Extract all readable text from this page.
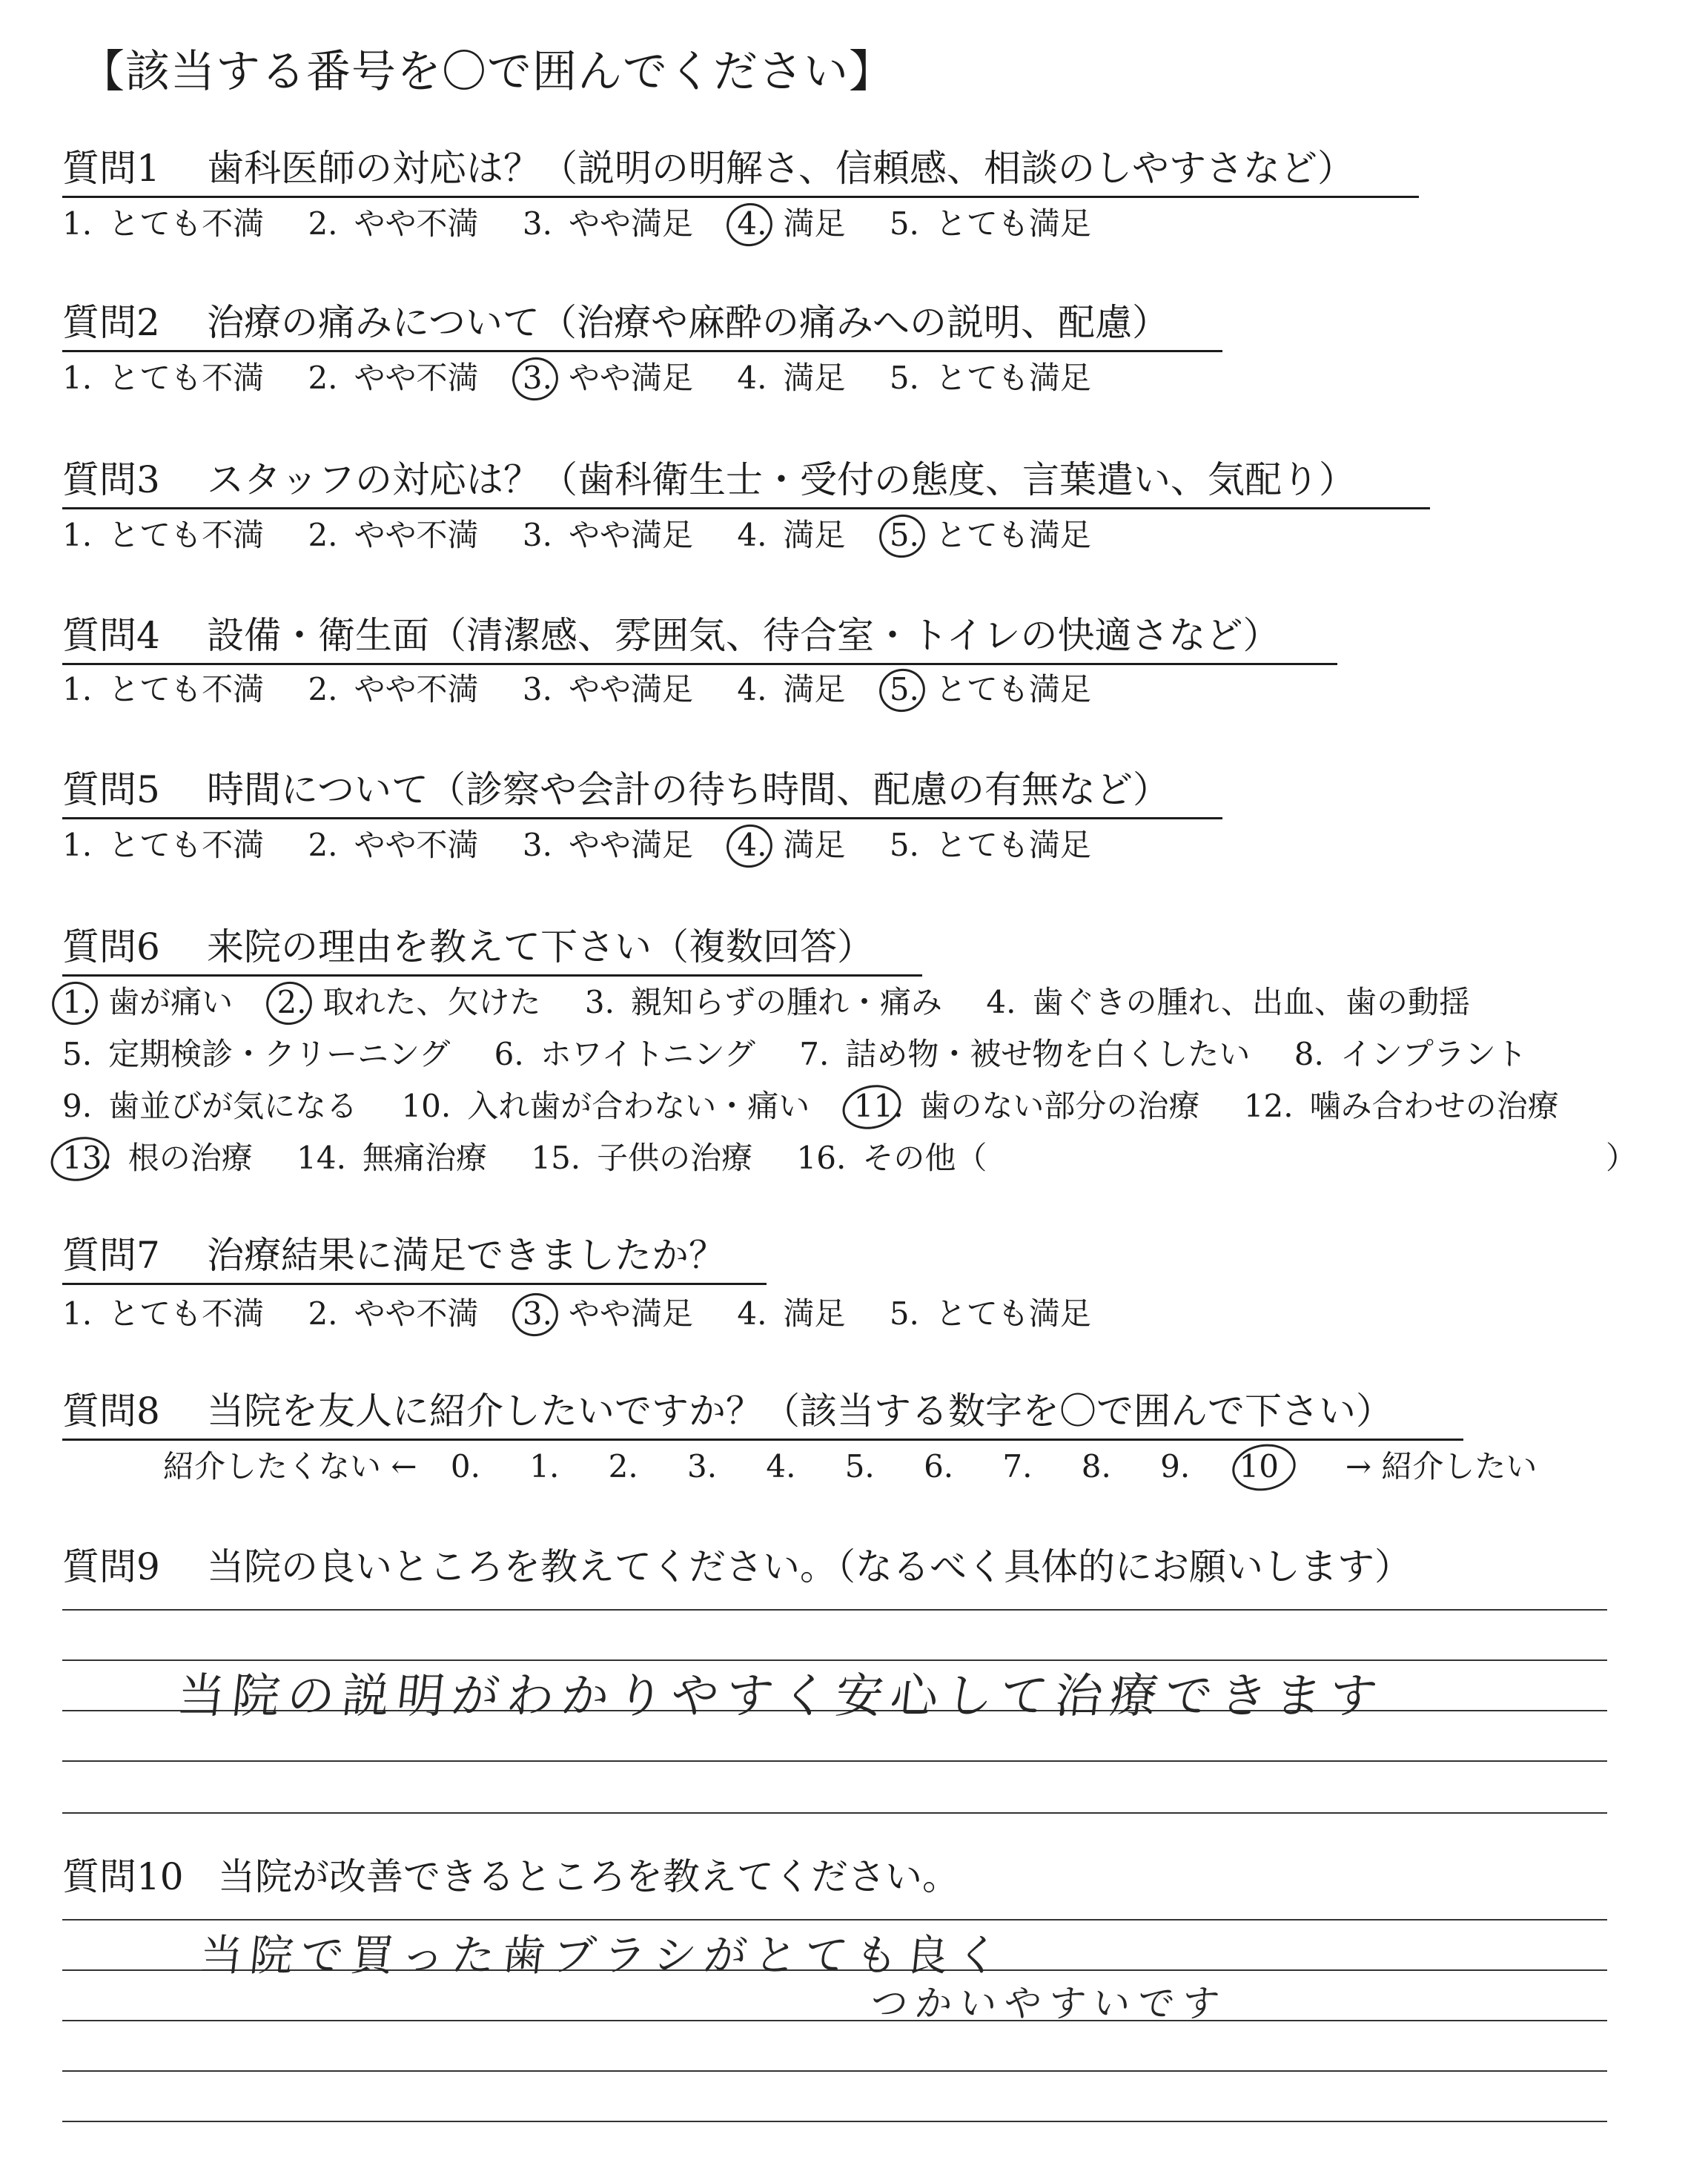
【該当する番号を〇で囲んでください】
質問1 歯科医師の対応は？（説明の明解さ、信頼感、相談のしやすさなど）
1. とても不満 2. やや不満 3. やや満足 4. 満足 5. とても満足
質問2 治療の痛みについて（治療や麻酔の痛みへの説明、配慮）
1. とても不満 2. やや不満 3. やや満足 4. 満足 5. とても満足
質問3 スタッフの対応は？（歯科衛生士・受付の態度、言葉遣い、気配り）
1. とても不満 2. やや不満 3. やや満足 4. 満足 5. とても満足
質問4 設備・衛生面（清潔感、雰囲気、待合室・トイレの快適さなど）
1. とても不満 2. やや不満 3. やや満足 4. 満足 5. とても満足
質問5 時間について（診察や会計の待ち時間、配慮の有無など）
1. とても不満 2. やや不満 3. やや満足 4. 満足 5. とても満足
質問6 来院の理由を教えて下さい（複数回答）
1. 歯が痛い 2. 取れた、欠けた 3. 親知らずの腫れ・痛み 4. 歯ぐきの腫れ、出血、歯の動揺
5. 定期検診・クリーニング 6. ホワイトニング 7. 詰め物・被せ物を白くしたい 8. インプラント
9. 歯並びが気になる 10. 入れ歯が合わない・痛い 11. 歯のない部分の治療 12. 噛み合わせの治療
13. 根の治療 14. 無痛治療 15. 子供の治療 16. その他（	）
質問7 治療結果に満足できましたか？
1. とても不満 2. やや不満 3. やや満足 4. 満足 5. とても満足
質問8 当院を友人に紹介したいですか？（該当する数字を〇で囲んで下さい）
紹介したくない ← 0. 1. 2. 3. 4. 5. 6. 7. 8. 9. 10 → 紹介したい
質問9 当院の良いところを教えてください。（なるべく具体的にお願いします）
当院の説明がわかりやすく安心して治療できます
質問10 当院が改善できるところを教えてください。
当院で買った歯ブラシがとても良く
つかいやすいです
